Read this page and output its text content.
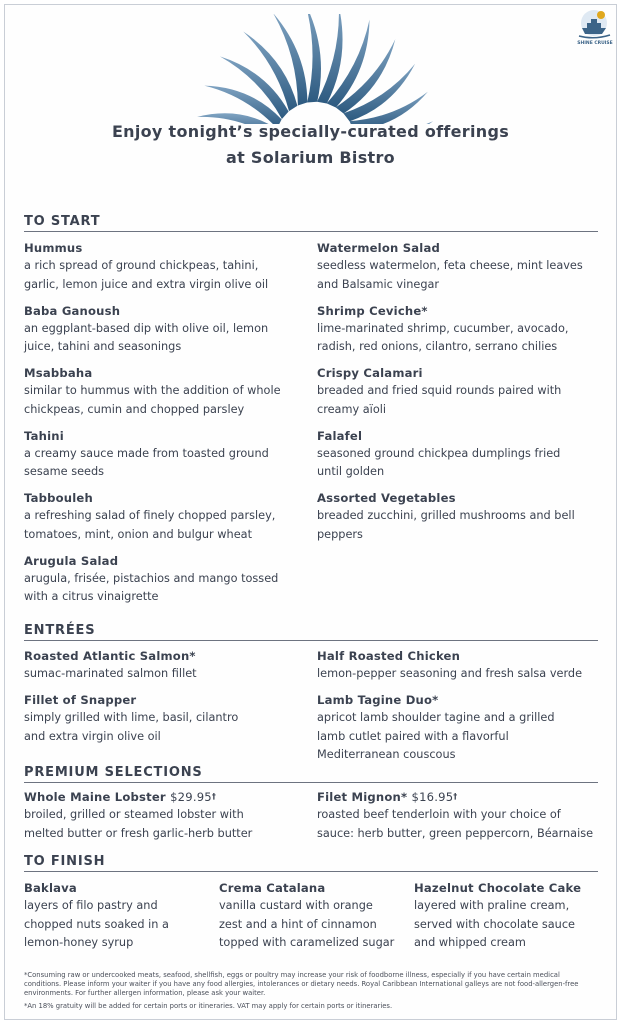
SHINE CRUISE
Enjoy tonight’s specially-curated offerings
at Solarium Bistro
TO START
Hummus
a rich spread of ground chickpeas, tahini,
garlic, lemon juice and extra virgin olive oil
Baba Ganoush
an eggplant-based dip with olive oil, lemon
juice, tahini and seasonings
Msabbaha
similar to hummus with the addition of whole
chickpeas, cumin and chopped parsley
Tahini
a creamy sauce made from toasted ground
sesame seeds
Tabbouleh
a refreshing salad of finely chopped parsley,
tomatoes, mint, onion and bulgur wheat
Arugula Salad
arugula, frisée, pistachios and mango tossed
with a citrus vinaigrette
Watermelon Salad
seedless watermelon, feta cheese, mint leaves
and Balsamic vinegar
Shrimp Ceviche*
lime-marinated shrimp, cucumber, avocado,
radish, red onions, cilantro, serrano chilies
Crispy Calamari
breaded and fried squid rounds paired with
creamy aïoli
Falafel
seasoned ground chickpea dumplings fried
until golden
Assorted Vegetables
breaded zucchini, grilled mushrooms and bell
peppers
ENTRÉES
Roasted Atlantic Salmon*
sumac-marinated salmon fillet
Fillet of Snapper
simply grilled with lime, basil, cilantro
and extra virgin olive oil
Half Roasted Chicken
lemon-pepper seasoning and fresh salsa verde
Lamb Tagine Duo*
apricot lamb shoulder tagine and a grilled
lamb cutlet paired with a flavorful
Mediterranean couscous
PREMIUM SELECTIONS
Whole Maine Lobster $29.95†
broiled, grilled or steamed lobster with
melted butter or fresh garlic-herb butter
Filet Mignon* $16.95†
roasted beef tenderloin with your choice of
sauce: herb butter, green peppercorn, Béarnaise
TO FINISH
Baklava
layers of filo pastry and
chopped nuts soaked in a
lemon-honey syrup
Crema Catalana
vanilla custard with orange
zest and a hint of cinnamon
topped with caramelized sugar
Hazelnut Chocolate Cake
layered with praline cream,
served with chocolate sauce
and whipped cream
*Consuming raw or undercooked meats, seafood, shellfish, eggs or poultry may increase your risk of foodborne illness, especially if you have certain medical
conditions. Please inform your waiter if you have any food allergies, intolerances or dietary needs. Royal Caribbean International galleys are not food-allergen-free
environments. For further allergen information, please ask your waiter.
*An 18% gratuity will be added for certain ports or itineraries. VAT may apply for certain ports or itineraries.
